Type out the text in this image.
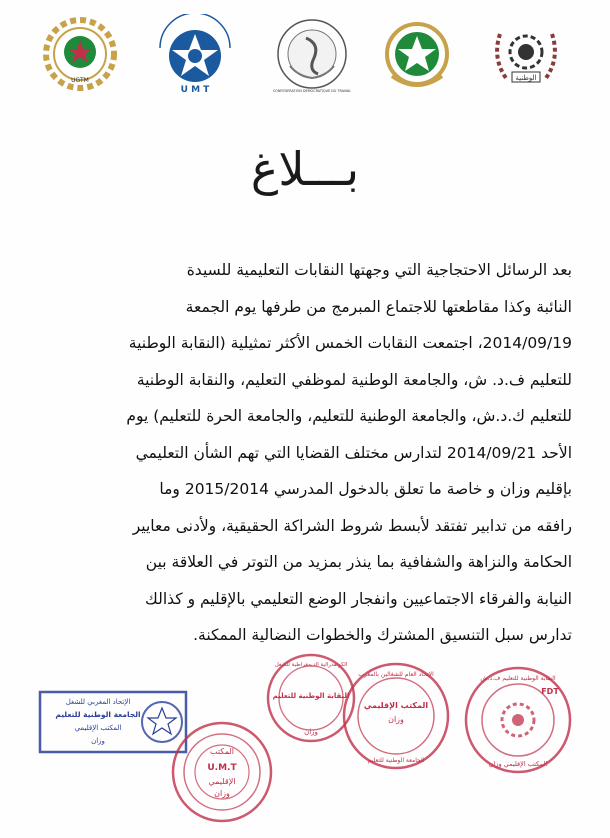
UGTM
U M T	CONFEDERATION DEMOCRATIQUE DU TRAVAIL
الوطنية
بـــلاغ
بعد الرسائل الاحتجاجية التي وجهتها النقابات التعليمية للسيدة
النائبة وكذا مقاطعتها للاجتماع المبرمج من طرفها يوم الجمعة
2014/09/19، اجتمعت النقابات الخمس الأكثر تمثيلية (النقابة الوطنية
للتعليم ف.د. ش، والجامعة الوطنية لموظفي التعليم، والنقابة الوطنية
للتعليم ك.د.ش، والجامعة الوطنية للتعليم، والجامعة الحرة للتعليم) يوم
الأحد 2014/09/21 لتدارس مختلف القضايا التي تهم الشأن التعليمي
بإقليم وزان و خاصة ما تعلق بالدخول المدرسي 2015/2014 وما
رافقه من تدابير تفتقد لأبسط شروط الشراكة الحقيقية، ولأدنى معايير
الحكامة والنزاهة والشفافية بما ينذر بمزيد من التوتر في العلاقة بين
النيابة والفرقاء الاجتماعيين وانفجار الوضع التعليمي بالإقليم و كذالك
تدارس سبل التنسيق المشترك والخطوات النضالية الممكنة.
الإتحاد المغربي للشغل
الجامعة الوطنية للتعليم
المكتب الإقليمي
وزان
المكتب
U.M.T
الإقليمي
وزان
الكونفدرالية الديمقراطية للشغل
النقابة الوطنية للتعليم
وزان
الإتحاد العام للشغالين بالمغرب
المكتب الإقليمي
وزان
الجامعة الوطنية للتعليم
النقابة الوطنية للتعليم ف.د.ش
FDT
المكتب الإقليمي وزان
